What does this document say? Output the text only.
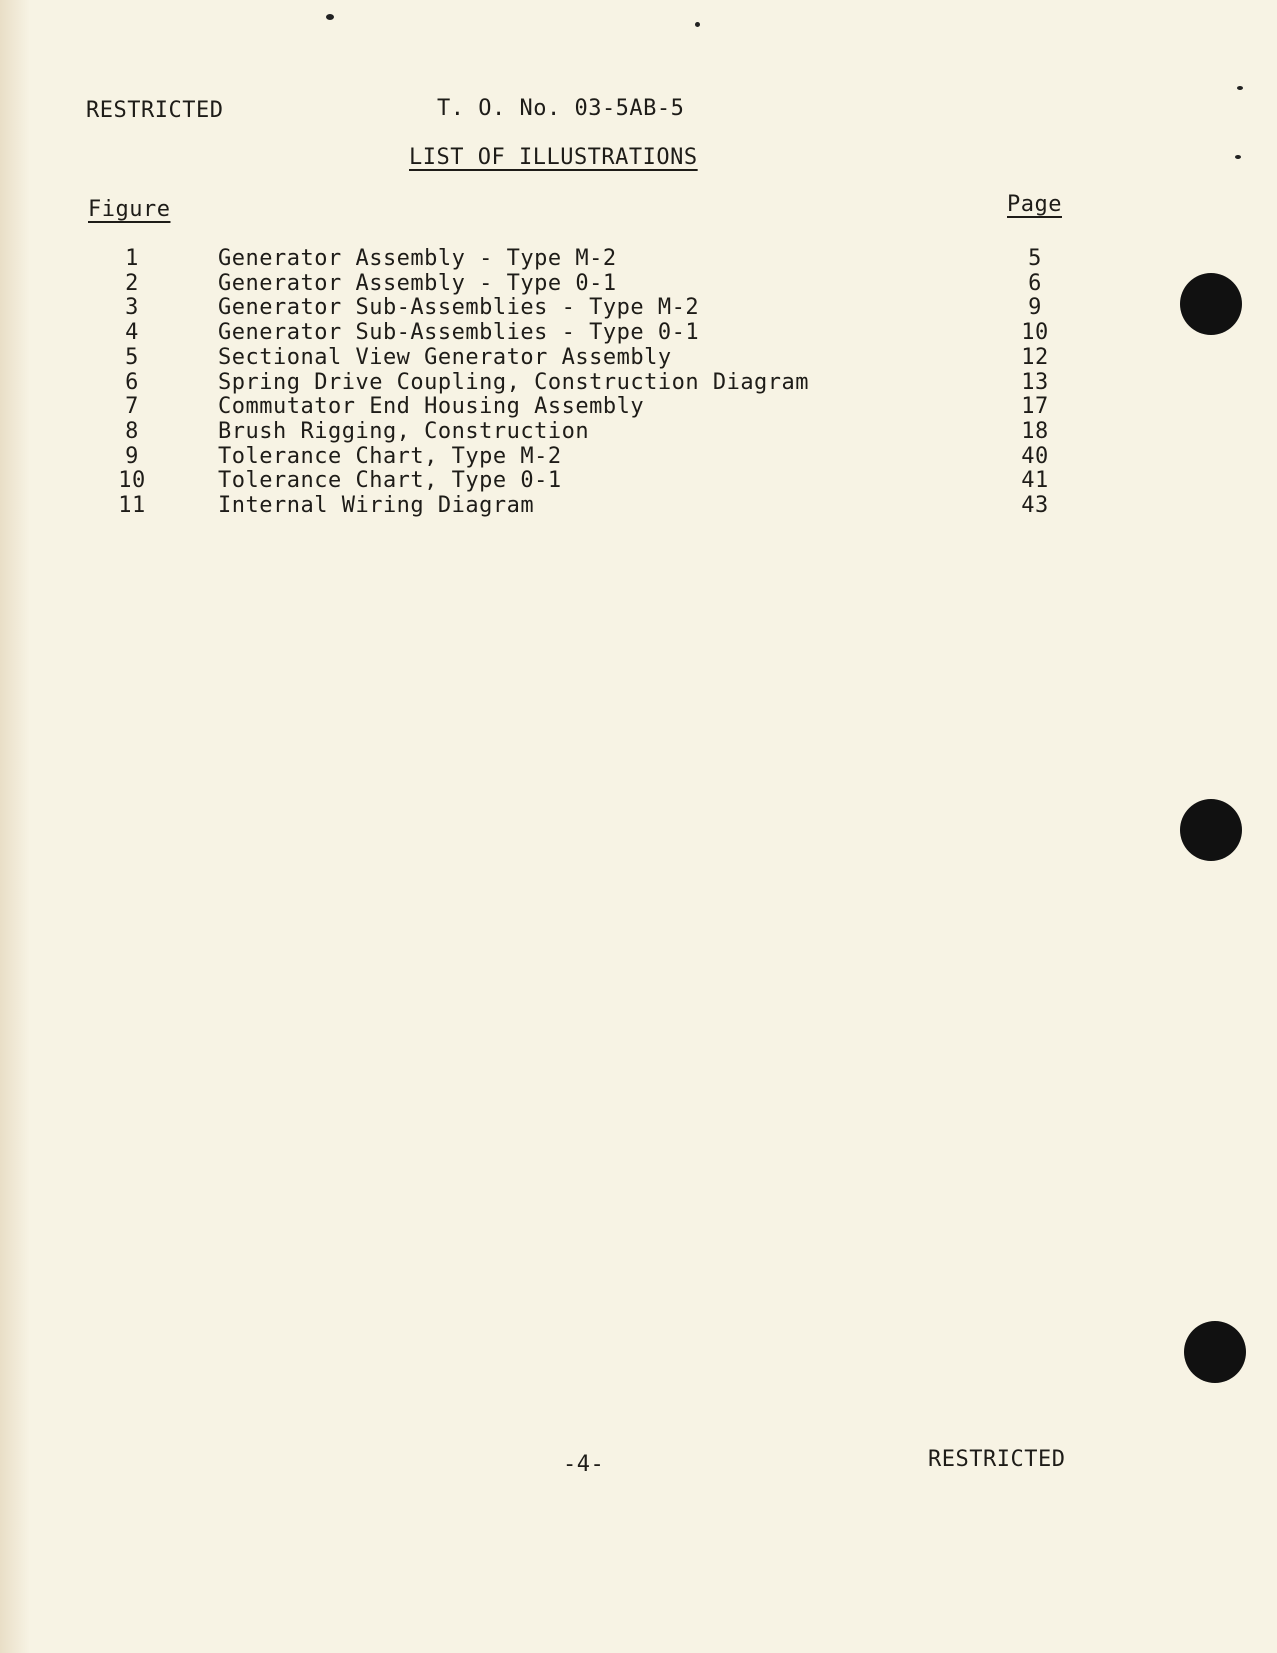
RESTRICTED	T. O. No. 03-5AB-5
LIST OF ILLUSTRATIONS
Figure	Page
1	Generator Assembly - Type M-2	5
2	Generator Assembly - Type 0-1	6
3	Generator Sub-Assemblies - Type M-2	9
4	Generator Sub-Assemblies - Type 0-1	10
5	Sectional View Generator Assembly	12
6	Spring Drive Coupling, Construction Diagram	13
7	Commutator End Housing Assembly	17
8	Brush Rigging, Construction	18
9	Tolerance Chart, Type M-2	40
10	Tolerance Chart, Type 0-1	41
11	Internal Wiring Diagram	43
-4-	RESTRICTED
